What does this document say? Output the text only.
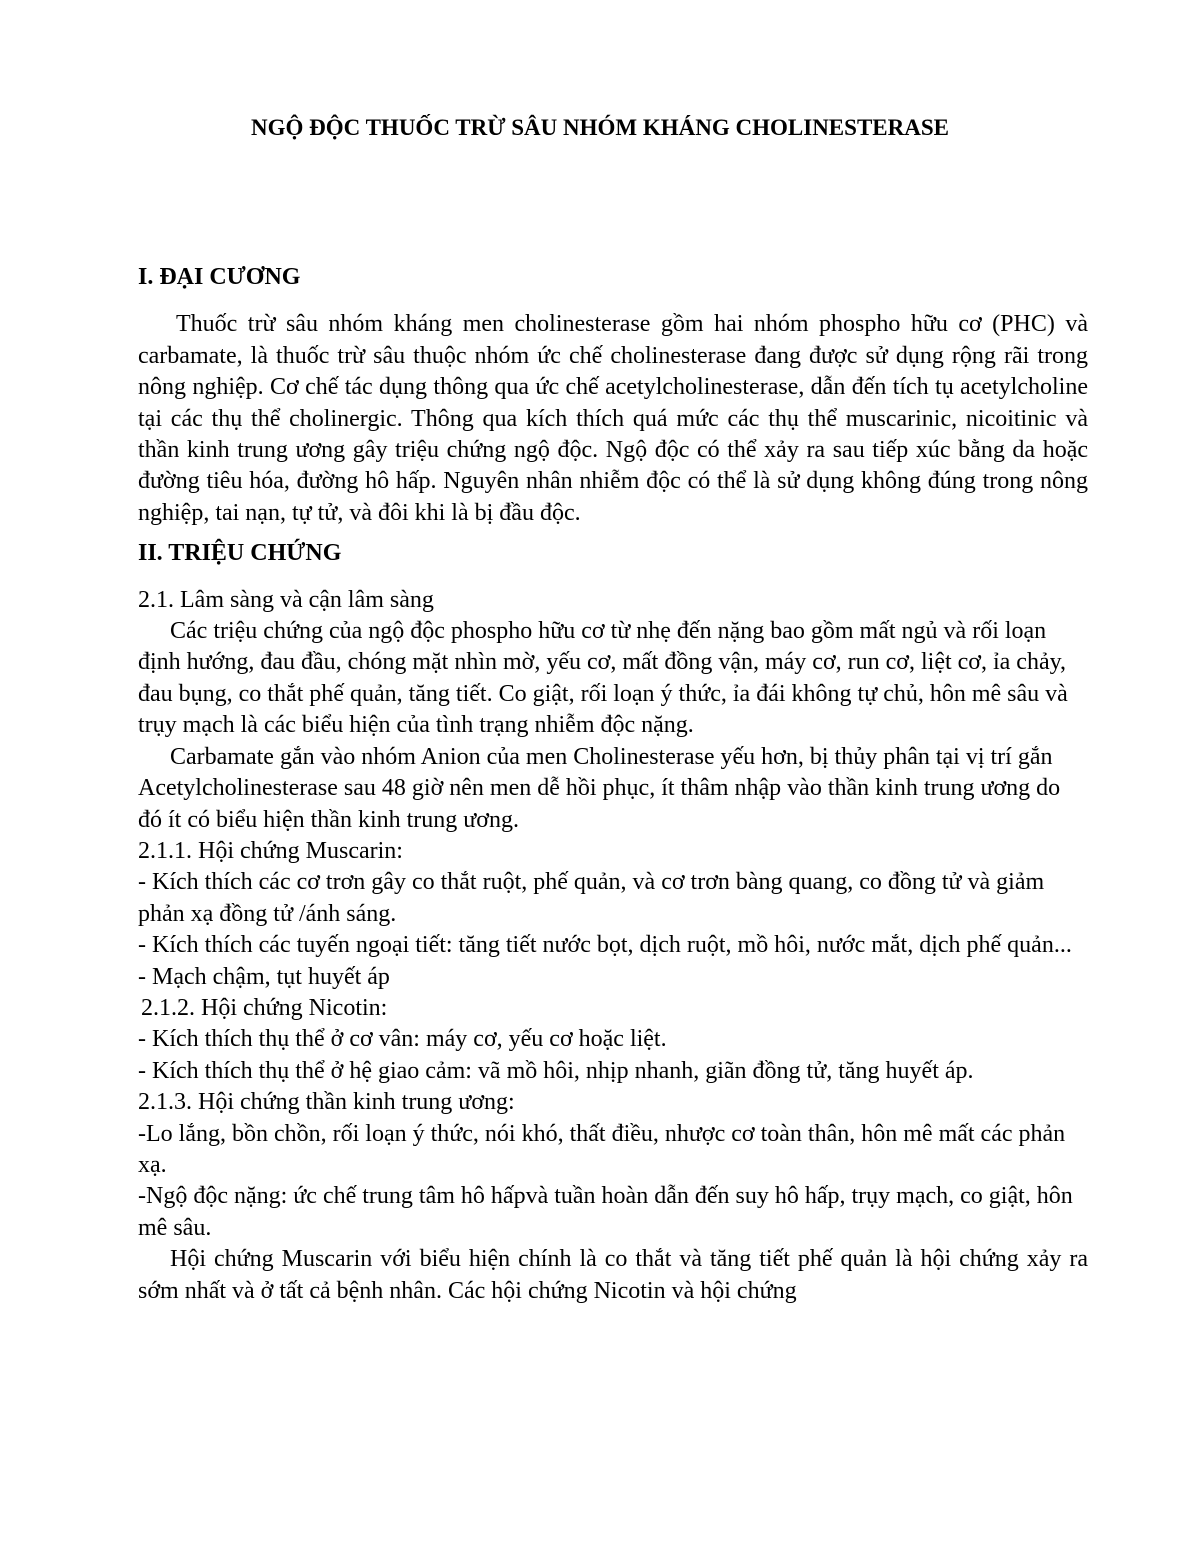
NGỘ ĐỘC THUỐC TRỪ SÂU NHÓM KHÁNG CHOLINESTERASE
I. ĐẠI CƯƠNG

Thuốc trừ sâu nhóm kháng men cholinesterase gồm hai nhóm phospho hữu cơ (PHC) và carbamate, là thuốc trừ sâu thuộc nhóm ức chế cholinesterase đang được sử dụng rộng rãi trong nông nghiệp. Cơ chế tác dụng thông qua ức chế acetylcholinesterase, dẫn đến tích tụ acetylcholine tại các thụ thể cholinergic. Thông qua kích thích quá mức các thụ thể muscarinic, nicoitinic và thần kinh trung ương gây triệu chứng ngộ độc. Ngộ độc có thể xảy ra sau tiếp xúc bằng da hoặc đường tiêu hóa, đường hô hấp. Nguyên nhân nhiễm độc có thể là sử dụng không đúng trong nông nghiệp, tai nạn, tự tử, và đôi khi là bị đầu độc.

II. TRIỆU CHỨNG

2.1. Lâm sàng và cận lâm sàng

Các triệu chứng của ngộ độc phospho hữu cơ từ nhẹ đến nặng bao gồm mất ngủ và rối loạn định hướng, đau đầu, chóng mặt nhìn mờ, yếu cơ, mất đồng vận, máy cơ, run cơ, liệt cơ, ỉa chảy, đau bụng, co thắt phế quản, tăng tiết. Co giật, rối loạn ý thức, ỉa đái không tự chủ, hôn mê sâu và trụy mạch là các biểu hiện của tình trạng nhiễm độc nặng.

Carbamate gắn vào nhóm Anion của men Cholinesterase yếu hơn, bị thủy phân tại vị trí gắn Acetylcholinesterase sau 48 giờ nên men dễ hồi phục, ít thâm nhập vào thần kinh trung ương do đó ít có biểu hiện thần kinh trung ương.

2.1.1. Hội chứng Muscarin:

- Kích thích các cơ trơn gây co thắt ruột, phế quản, và cơ trơn bàng quang, co đồng tử và giảm phản xạ đồng tử /ánh sáng.

- Kích thích các tuyến ngoại tiết: tăng tiết nước bọt, dịch ruột, mồ hôi, nước mắt, dịch phế quản...

- Mạch chậm, tụt huyết áp

2.1.2. Hội chứng Nicotin:

- Kích thích thụ thể ở cơ vân: máy cơ, yếu cơ hoặc liệt.

- Kích thích thụ thể ở hệ giao cảm: vã mồ hôi, nhịp nhanh, giãn đồng tử, tăng huyết áp.

2.1.3. Hội chứng thần kinh trung ương:

-Lo lắng, bồn chồn, rối loạn ý thức, nói khó, thất điều, nhược cơ toàn thân, hôn mê mất các phản xạ.

-Ngộ độc nặng: ức chế trung tâm hô hấpvà tuần hoàn dẫn đến suy hô hấp, trụy mạch, co giật, hôn mê sâu.

Hội chứng Muscarin với biểu hiện chính là co thắt và tăng tiết phế quản là hội chứng xảy ra sớm nhất và ở tất cả bệnh nhân. Các hội chứng Nicotin và hội chứng
